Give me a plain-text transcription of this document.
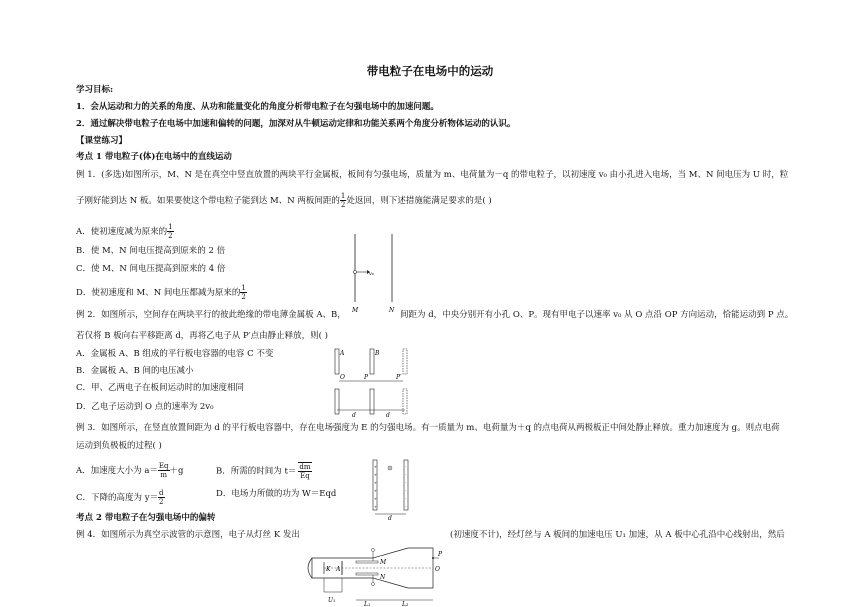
带电粒子在电场中的运动
学习目标:
1．会从运动和力的关系的角度、从功和能量变化的角度分析带电粒子在匀强电场中的加速问题。
2．通过解决带电粒子在电场中加速和偏转的问题，加深对从牛顿运动定律和功能关系两个角度分析物体运动的认识。
【课堂练习】
考点 1 带电粒子(体)在电场中的直线运动
例 1．(多选)如图所示，M、N 是在真空中竖直放置的两块平行金属板，板间有匀强电场，质量为 m、电荷量为－q 的带电粒子，以初速度 v₀ 由小孔进入电场，当 M、N 间电压为 U 时，粒
子刚好能到达 N 板。如果要使这个带电粒子能到达 M、N 两板间距的 $\frac{1}{2}$ 处返回，则下述措施能满足要求的是( )
A．使初速度减为原来的 $\frac{1}{2}$
B．使 M、N 间电压提高到原来的 2 倍
C．使 M、N 间电压提高到原来的 4 倍
D．使初速度和 M、N 间电压都减为原来的 $\frac{1}{2}$
v₀
M	N
例 2．如图所示，空间存在两块平行的彼此绝缘的带电薄金属板 A、B，	间距为 d，中央分别开有小孔 O、P。现有甲电子以速率 v₀ 从 O 点沿 OP 方向运动，恰能运动到 P 点。
若仅将 B 板向右平移距离 d，再将乙电子从 P′点由静止释放，则( )
A．金属板 A、B 组成的平行板电容器的电容 C 不变
B．金属板 A、B 间的电压减小
C．甲、乙两电子在板间运动时的加速度相同
D．乙电子运动到 O 点的速率为 2v₀
A	B
O	P	P′
d	d
例 3．如图所示，在竖直放置间距为 d 的平行板电容器中，存在电场强度为 E 的匀强电场。有一质量为 m、电荷量为＋q 的点电荷从两极板正中间处静止释放。重力加速度为 g。则点电荷
运动到负极板的过程( )
A．加速度大小为 $a= \frac{Eq}{m} +g$	B．所需的时间为 $t= \frac{dm}{Eq}$
C．下降的高度为 $y= \frac{d}{2}$	D．电场力所做的功为 W＝Eqd
+
+
+
+
+
+
-
-
-
-
-
-
d
考点 2 带电粒子在匀强电场中的偏转
例 4．如图所示为真空示波管的示意图，电子从灯丝 K 发出	(初速度不计)，经灯丝与 A 板间的加速电压 U₁ 加速，从 A 板中心孔沿中心线射出，然后
K A
M
N
P
O
U₁
L₁	L₂
